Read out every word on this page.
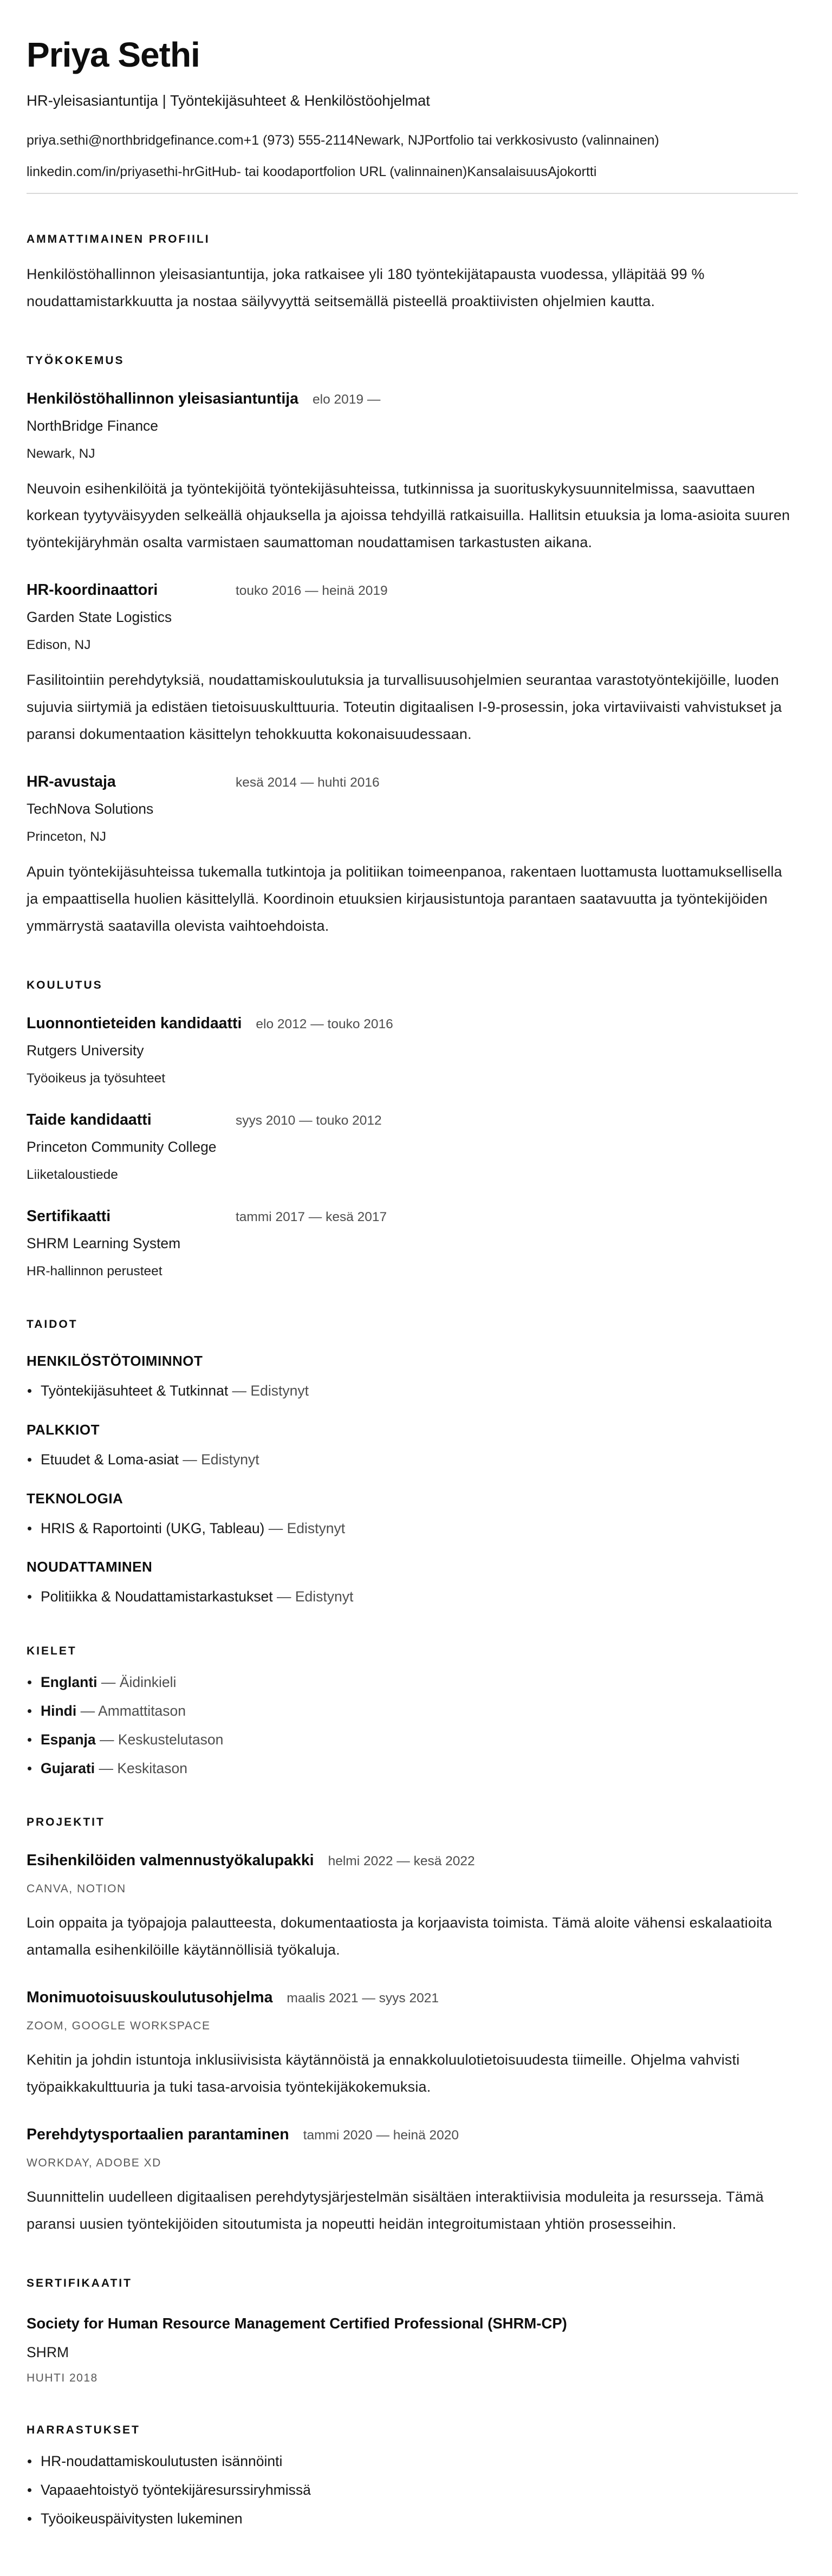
Priya Sethi
HR-yleisasiantuntija | Työntekijäsuhteet & Henkilöstöohjelmat
priya.sethi@northbridgefinance.com+1 (973) 555-2114Newark, NJPortfolio tai verkkosivusto (valinnainen)
linkedin.com/in/priyasethi-hrGitHub- tai koodaportfolion URL (valinnainen)KansalaisuusAjokortti
AMMATTIMAINEN PROFIILI

Henkilöstöhallinnon yleisasiantuntija, joka ratkaisee yli 180 työntekijätapausta vuodessa, ylläpitää 99 % noudattamistarkkuutta ja nostaa säilyvyyttä seitsemällä pisteellä proaktiivisten ohjelmien kautta.

TYÖKOKEMUS
Henkilöstöhallinnon yleisasiantuntija elo 2019 —
NorthBridge Finance
Newark, NJ

Neuvoin esihenkilöitä ja työntekijöitä työntekijäsuhteissa, tutkinnissa ja suorituskykysuunnitelmissa, saavuttaen korkean tyytyväisyyden selkeällä ohjauksella ja ajoissa tehdyillä ratkaisuilla. Hallitsin etuuksia ja loma-asioita suuren työntekijäryhmän osalta varmistaen saumattoman noudattamisen tarkastusten aikana.

HR-koordinaattori	touko 2016 — heinä 2019
Garden State Logistics
Edison, NJ

Fasilitointiin perehdytyksiä, noudattamiskoulutuksia ja turvallisuusohjelmien seurantaa varastotyöntekijöille, luoden sujuvia siirtymiä ja edistäen tietoisuuskulttuuria. Toteutin digitaalisen I-9-prosessin, joka virtaviivaisti vahvistukset ja paransi dokumentaation käsittelyn tehokkuutta kokonaisuudessaan.

HR-avustaja	kesä 2014 — huhti 2016
TechNova Solutions
Princeton, NJ

Apuin työntekijäsuhteissa tukemalla tutkintoja ja politiikan toimeenpanoa, rakentaen luottamusta luottamuksellisella ja empaattisella huolien käsittelyllä. Koordinoin etuuksien kirjausistuntoja parantaen saatavuutta ja työntekijöiden ymmärrystä saatavilla olevista vaihtoehdoista.

KOULUTUS
Luonnontieteiden kandidaatti elo 2012 — touko 2016
Rutgers University
Työoikeus ja työsuhteet
Taide kandidaatti	syys 2010 — touko 2012
Princeton Community College
Liiketaloustiede
Sertifikaatti	tammi 2017 — kesä 2017
SHRM Learning System
HR-hallinnon perusteet
TAIDOT
HENKILÖSTÖTOIMINNOT
Työntekijäsuhteet & Tutkinnat — Edistynyt
PALKKIOT
Etuudet & Loma-asiat — Edistynyt
TEKNOLOGIA
HRIS & Raportointi (UKG, Tableau) — Edistynyt
NOUDATTAMINEN
Politiikka & Noudattamistarkastukset — Edistynyt
KIELET
Englanti — Äidinkieli
Hindi — Ammattitason
Espanja — Keskustelutason
Gujarati — Keskitason
PROJEKTIT
Esihenkilöiden valmennustyökalupakki helmi 2022 — kesä 2022
CANVA, NOTION

Loin oppaita ja työpajoja palautteesta, dokumentaatiosta ja korjaavista toimista. Tämä aloite vähensi eskalaatioita antamalla esihenkilöille käytännöllisiä työkaluja.

Monimuotoisuuskoulutusohjelma maalis 2021 — syys 2021
ZOOM, GOOGLE WORKSPACE

Kehitin ja johdin istuntoja inklusiivisista käytännöistä ja ennakkoluulotietoisuudesta tiimeille. Ohjelma vahvisti työpaikkakulttuuria ja tuki tasa-arvoisia työntekijäkokemuksia.

Perehdytysportaalien parantaminen tammi 2020 — heinä 2020
WORKDAY, ADOBE XD

Suunnittelin uudelleen digitaalisen perehdytysjärjestelmän sisältäen interaktiivisia moduleita ja resursseja. Tämä paransi uusien työntekijöiden sitoutumista ja nopeutti heidän integroitumistaan yhtiön prosesseihin.

SERTIFIKAATIT
Society for Human Resource Management Certified Professional (SHRM-CP)
SHRM
HUHTI 2018
HARRASTUKSET
HR-noudattamiskoulutusten isännöinti
Vapaaehtoistyö työntekijäresurssiryhmissä
Työoikeuspäivitysten lukeminen
